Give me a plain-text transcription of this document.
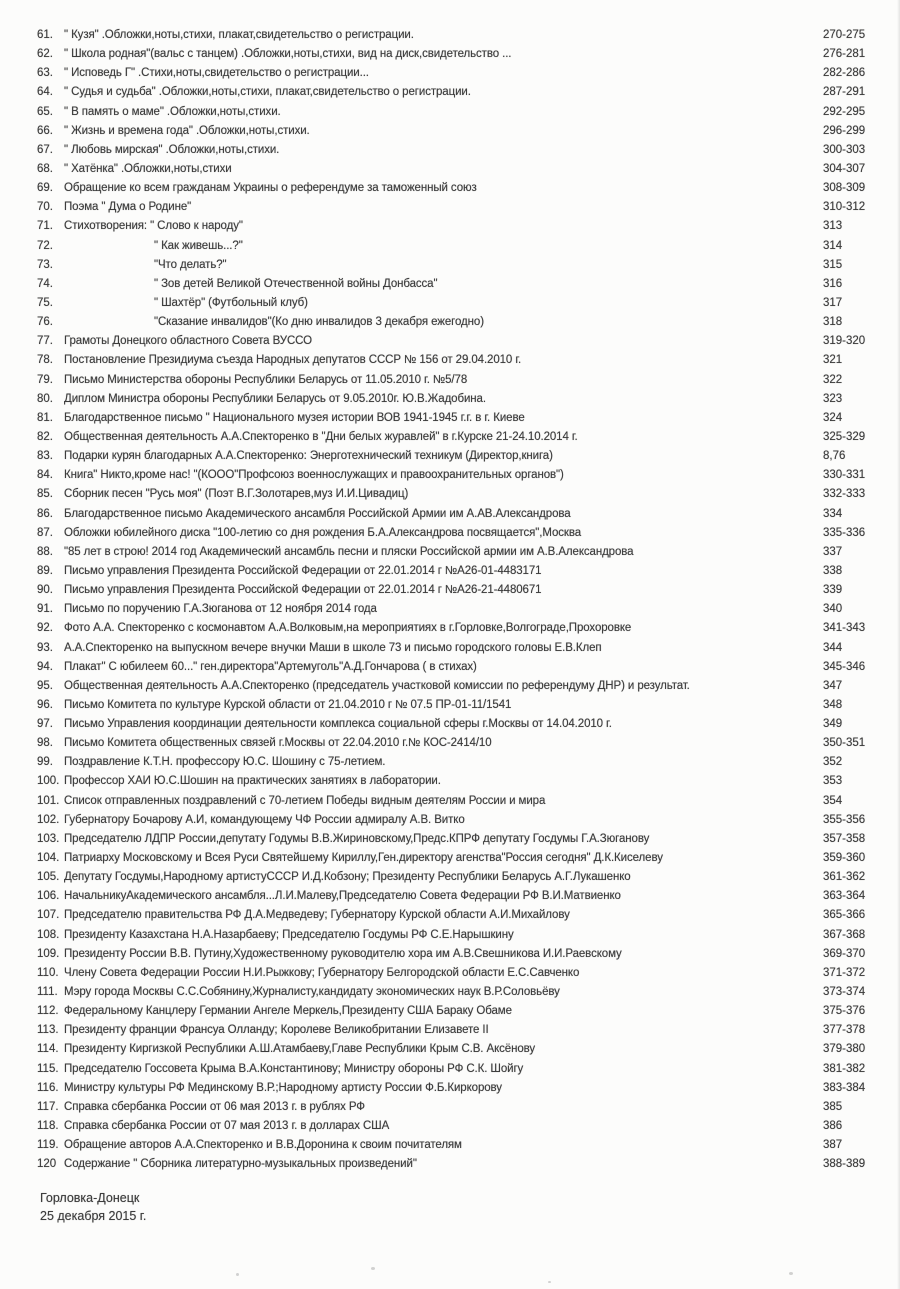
61. " Кузя" .Обложки,ноты,стихи, плакат,свидетельство о регистрации.	270-275
62. " Школа родная"(вальс с танцем) .Обложки,ноты,стихи, вид на диск,свидетельство ...	276-281
63. " Исповедь Г" .Стихи,ноты,свидетельство о регистрации...	282-286
64. " Судья и судьба" .Обложки,ноты,стихи, плакат,свидетельство о регистрации.	287-291
65. " В память о маме" .Обложки,ноты,стихи.	292-295
66. " Жизнь и времена года" .Обложки,ноты,стихи.	296-299
67. " Любовь мирская" .Обложки,ноты,стихи.	300-303
68. " Хатёнка" .Обложки,ноты,стихи	304-307
69. Обращение ко всем гражданам Украины о референдуме за таможенный союз	308-309
70. Поэма " Дума о Родине"	310-312
71. Стихотворения: " Слово к народу"	313
72.	" Как живешь...?"	314
73.	"Что делать?"	315
74.	" Зов детей Великой Отечественной войны Донбасса"	316
75.	" Шахтёр" (Футбольный клуб)	317
76.	"Сказание инвалидов"(Ко дню инвалидов 3 декабря ежегодно)	318
77. Грамоты Донецкого областного Совета ВУССО	319-320
78. Постановление Президиума съезда Народных депутатов СССР № 156 от 29.04.2010 г.	321
79. Письмо Министерства обороны Республики Беларусь от 11.05.2010 г. №5/78	322
80. Диплом Министра обороны Республики Беларусь от 9.05.2010г. Ю.В.Жадобина.	323
81. Благодарственное письмо " Национального музея истории ВОВ 1941-1945 г.г. в г. Киеве	324
82. Общественная деятельность А.А.Спекторенко в "Дни белых журавлей" в г.Курске 21-24.10.2014 г.	325-329
83. Подарки курян благодарных А.А.Спекторенко: Энерготехнический техникум (Директор,книга)	8,76
84. Книга" Никто,кроме нас! "(КООО"Профсоюз военнослужащих и правоохранительных органов")	330-331
85. Сборник песен "Русь моя" (Поэт В.Г.Золотарев,муз И.И.Цивадиц)	332-333
86. Благодарственное письмо Академического ансамбля Российской Армии им А.АВ.Александрова	334
87. Обложки юбилейного диска "100-летию со дня рождения Б.А.Александрова посвящается",Москва	335-336
88. "85 лет в строю! 2014 год Академический ансамбль песни и пляски Российской армии им А.В.Александрова	337
89. Письмо управления Президента Российской Федерации от 22.01.2014 г №А26-01-4483171	338
90. Письмо управления Президента Российской Федерации от 22.01.2014 г №А26-21-4480671	339
91. Письмо по поручению Г.А.Зюганова от 12 ноября 2014 года	340
92. Фото А.А. Спекторенко с космонавтом А.А.Волковым,на мероприятиях в г.Горловке,Волгограде,Прохоровке	341-343
93. А.А.Спекторенко на выпускном вечере внучки Маши в школе 73 и письмо городского головы Е.В.Клеп	344
94. Плакат" С юбилеем 60..." ген.директора"Артемуголь"А.Д.Гончарова ( в стихах)	345-346
95. Общественная деятельность А.А.Спекторенко (председатель участковой комиссии по референдуму ДНР) и результат.	347
96. Письмо Комитета по культуре Курской области от 21.04.2010 г № 07.5 ПР-01-11/1541	348
97. Письмо Управления координации деятельности комплекса социальной сферы г.Москвы от 14.04.2010 г.	349
98. Письмо Комитета общественных связей г.Москвы от 22.04.2010 г.№ КОС-2414/10	350-351
99. Поздравление К.Т.Н. профессору Ю.С. Шошину с 75-летием.	352
100. Профессор ХАИ Ю.С.Шошин на практических занятиях в лаборатории.	353
101. Список отправленных поздравлений с 70-летием Победы видным деятелям России и мира	354
102. Губернатору Бочарову А.И, командующему ЧФ России адмиралу А.В. Витко	355-356
103. Председателю ЛДПР России,депутату Годумы В.В.Жириновскому,Предс.КПРФ депутату Госдумы Г.А.Зюганову	357-358
104. Патриарху Московскому и Всея Руси Святейшему Кириллу,Ген.директору агенства"Россия сегодня" Д.К.Киселеву	359-360
105. Депутату Госдумы,Народному артистуСССР И.Д.Кобзону; Президенту Республики Беларусь А.Г.Лукашенко	361-362
106. НачальникуАкадемического ансамбля...Л.И.Малеву,Председателю Совета Федерации РФ В.И.Матвиенко	363-364
107. Председателю правительства РФ Д.А.Медведеву; Губернатору Курской области А.И.Михайлову	365-366
108. Президенту Казахстана Н.А.Назарбаеву; Председателю Госдумы РФ С.Е.Нарышкину	367-368
109. Президенту России В.В. Путину,Художественному руководителю хора им А.В.Свешникова И.И.Раевскому	369-370
110. Члену Совета Федерации России Н.И.Рыжкову; Губернатору Белгородской области Е.С.Савченко	371-372
111. Мэру города Москвы С.С.Собянину,Журналисту,кандидату экономических наук В.Р.Соловьёву	373-374
112. Федеральному Канцлеру Германии Ангеле Меркель,Президенту США Бараку Обаме	375-376
113. Президенту франции Франсуа Олланду; Королеве Великобритании Елизавете II	377-378
114. Президенту Киргизкой Республики А.Ш.Атамбаеву,Главе Республики Крым С.В. Аксёнову	379-380
115. Председателю Госсовета Крыма В.А.Константинову; Министру обороны РФ С.К. Шойгу	381-382
116. Министру культуры РФ Мединскому В.Р.;Народному артисту России Ф.Б.Киркорову	383-384
117. Справка сбербанка России от 06 мая 2013 г. в рублях РФ	385
118. Справка сбербанка России от 07 мая 2013 г. в долларах США	386
119. Обращение авторов А.А.Спекторенко и В.В.Доронина к своим почитателям	387
120 Содержание " Сборника литературно-музыкальных произведений"	388-389
Горловка-Донецк
25 декабря 2015 г.
